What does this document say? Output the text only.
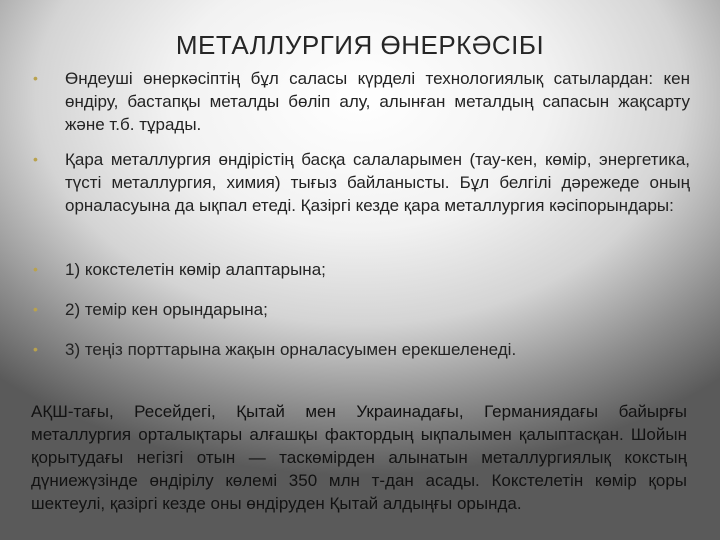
МЕТАЛЛУРГИЯ ӨНЕРКӘСІБІ
• Өндеуші өнеркәсіптің бұл саласы күрделі технологиялық сатылардан: кен өндіру, бастапқы металды бөліп алу, алынған металдың сапасын жақсарту және т.б. тұрады.
• Қара металлургия өндірістің басқа салаларымен (тау-кен, көмір, энергетика, түсті металлургия, химия) тығыз байланысты. Бұл белгілі дәрежеде оның орналасуына да ықпал етеді. Қазіргі кезде қара металлургия кәсіпорындары:
• 1) кокстелетін көмір алаптарына;
• 2) темір кен орындарына;
• 3) теңіз порттарына жақын орналасуымен ерекшеленеді.

АҚШ-тағы, Ресейдегі, Қытай мен Украинадағы, Германиядағы байырғы металлургия орталықтары алғашқы фактордың ықпалымен қалыптасқан. Шойын қорытудағы негізгі отын — таскөмірден алынатын металлургиялық кокстың дүниежүзінде өндірілу көлемі 350 млн т-дан асады. Кокстелетін көмір қоры шектеулі, қазіргі кезде оны өндіруден Қытай алдыңғы орында.
